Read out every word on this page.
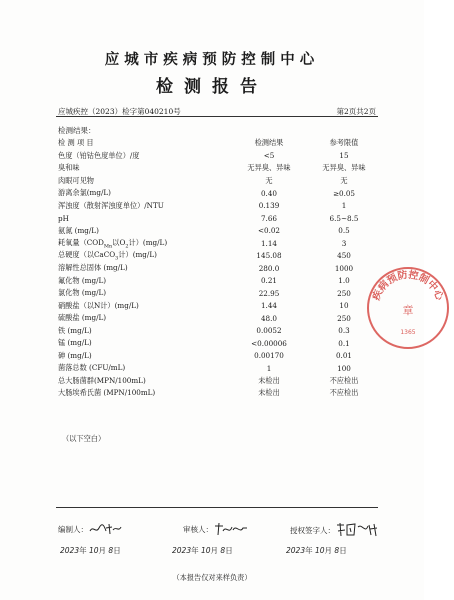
应城市疾病预防控制中心
检测报告
应城疾控（2023）检字第040210号	第2页共2页
检测结果：
检 测 项 目	检测结果	参考限值
色度（铂钴色度单位）/度	<5	15
臭和味	无异臭、异味	无异臭、异味
肉眼可见物	无	无
游离余氯(mg/L)	0.40	≥0.05
浑浊度（散射浑浊度单位）/NTU	0.139	1
pH	7.66	6.5~8.5
氨氮 (mg/L)	<0.02	0.5
耗氧量（$COD_{Mn}$以$O_2$计）(mg/L)	1.14	3
总硬度（以CaCO$_3$计）(mg/L)	145.08	450
溶解性总固体 (mg/L)	280.0	1000
氟化物 (mg/L)	0.21	1.0
氯化物 (mg/L)	22.95	250
硝酸盐（以N计）(mg/L)	1.44	10
硫酸盐 (mg/L)	48.0	250
铁 (mg/L)	0.0052	0.3
锰 (mg/L)	<0.00006	0.1
砷 (mg/L)	0.00170	0.01
菌落总数 (CFU/mL)	1	100
总大肠菌群(MPN/100mL)	未检出	不应检出
大肠埃希氏菌 (MPN/100mL)	未检出	不应检出
（以下空白）
编制人：	审核人：	授权签字人：
2023年 10月 8日	2023年 10月 8日	2023年 10月 8日
（本报告仅对来样负责）
疾病预防控制中心
章
1365
